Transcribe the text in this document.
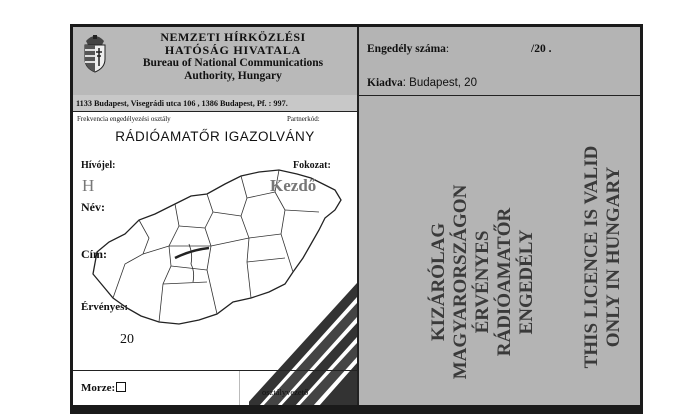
NEMZETI HÍRKÖZLÉSI
HATÓSÁG HIVATALA
Bureau of National Communications
Authority, Hungary
1133 Budapest, Visegrádi utca 106 , 1386 Budapest, Pf. : 997.
Frekvencia engedélyezési osztály	Partnerkód:
RÁDIÓAMATŐR IGAZOLVÁNY
Hívójel:	Fokozat:
H	Kezdő
Név:
Cím:
Érvényes:
20
Morze:	osztályvezető
Engedély száma:	/20 .
Kiadva: Budapest, 20
KIZÁRÓLAG MAGYARORSZÁGON ÉRVÉNYES RÁDIÓAMATŐR ENGEDÉLY THIS LICENCE IS VALID ONLY IN HUNGARY
